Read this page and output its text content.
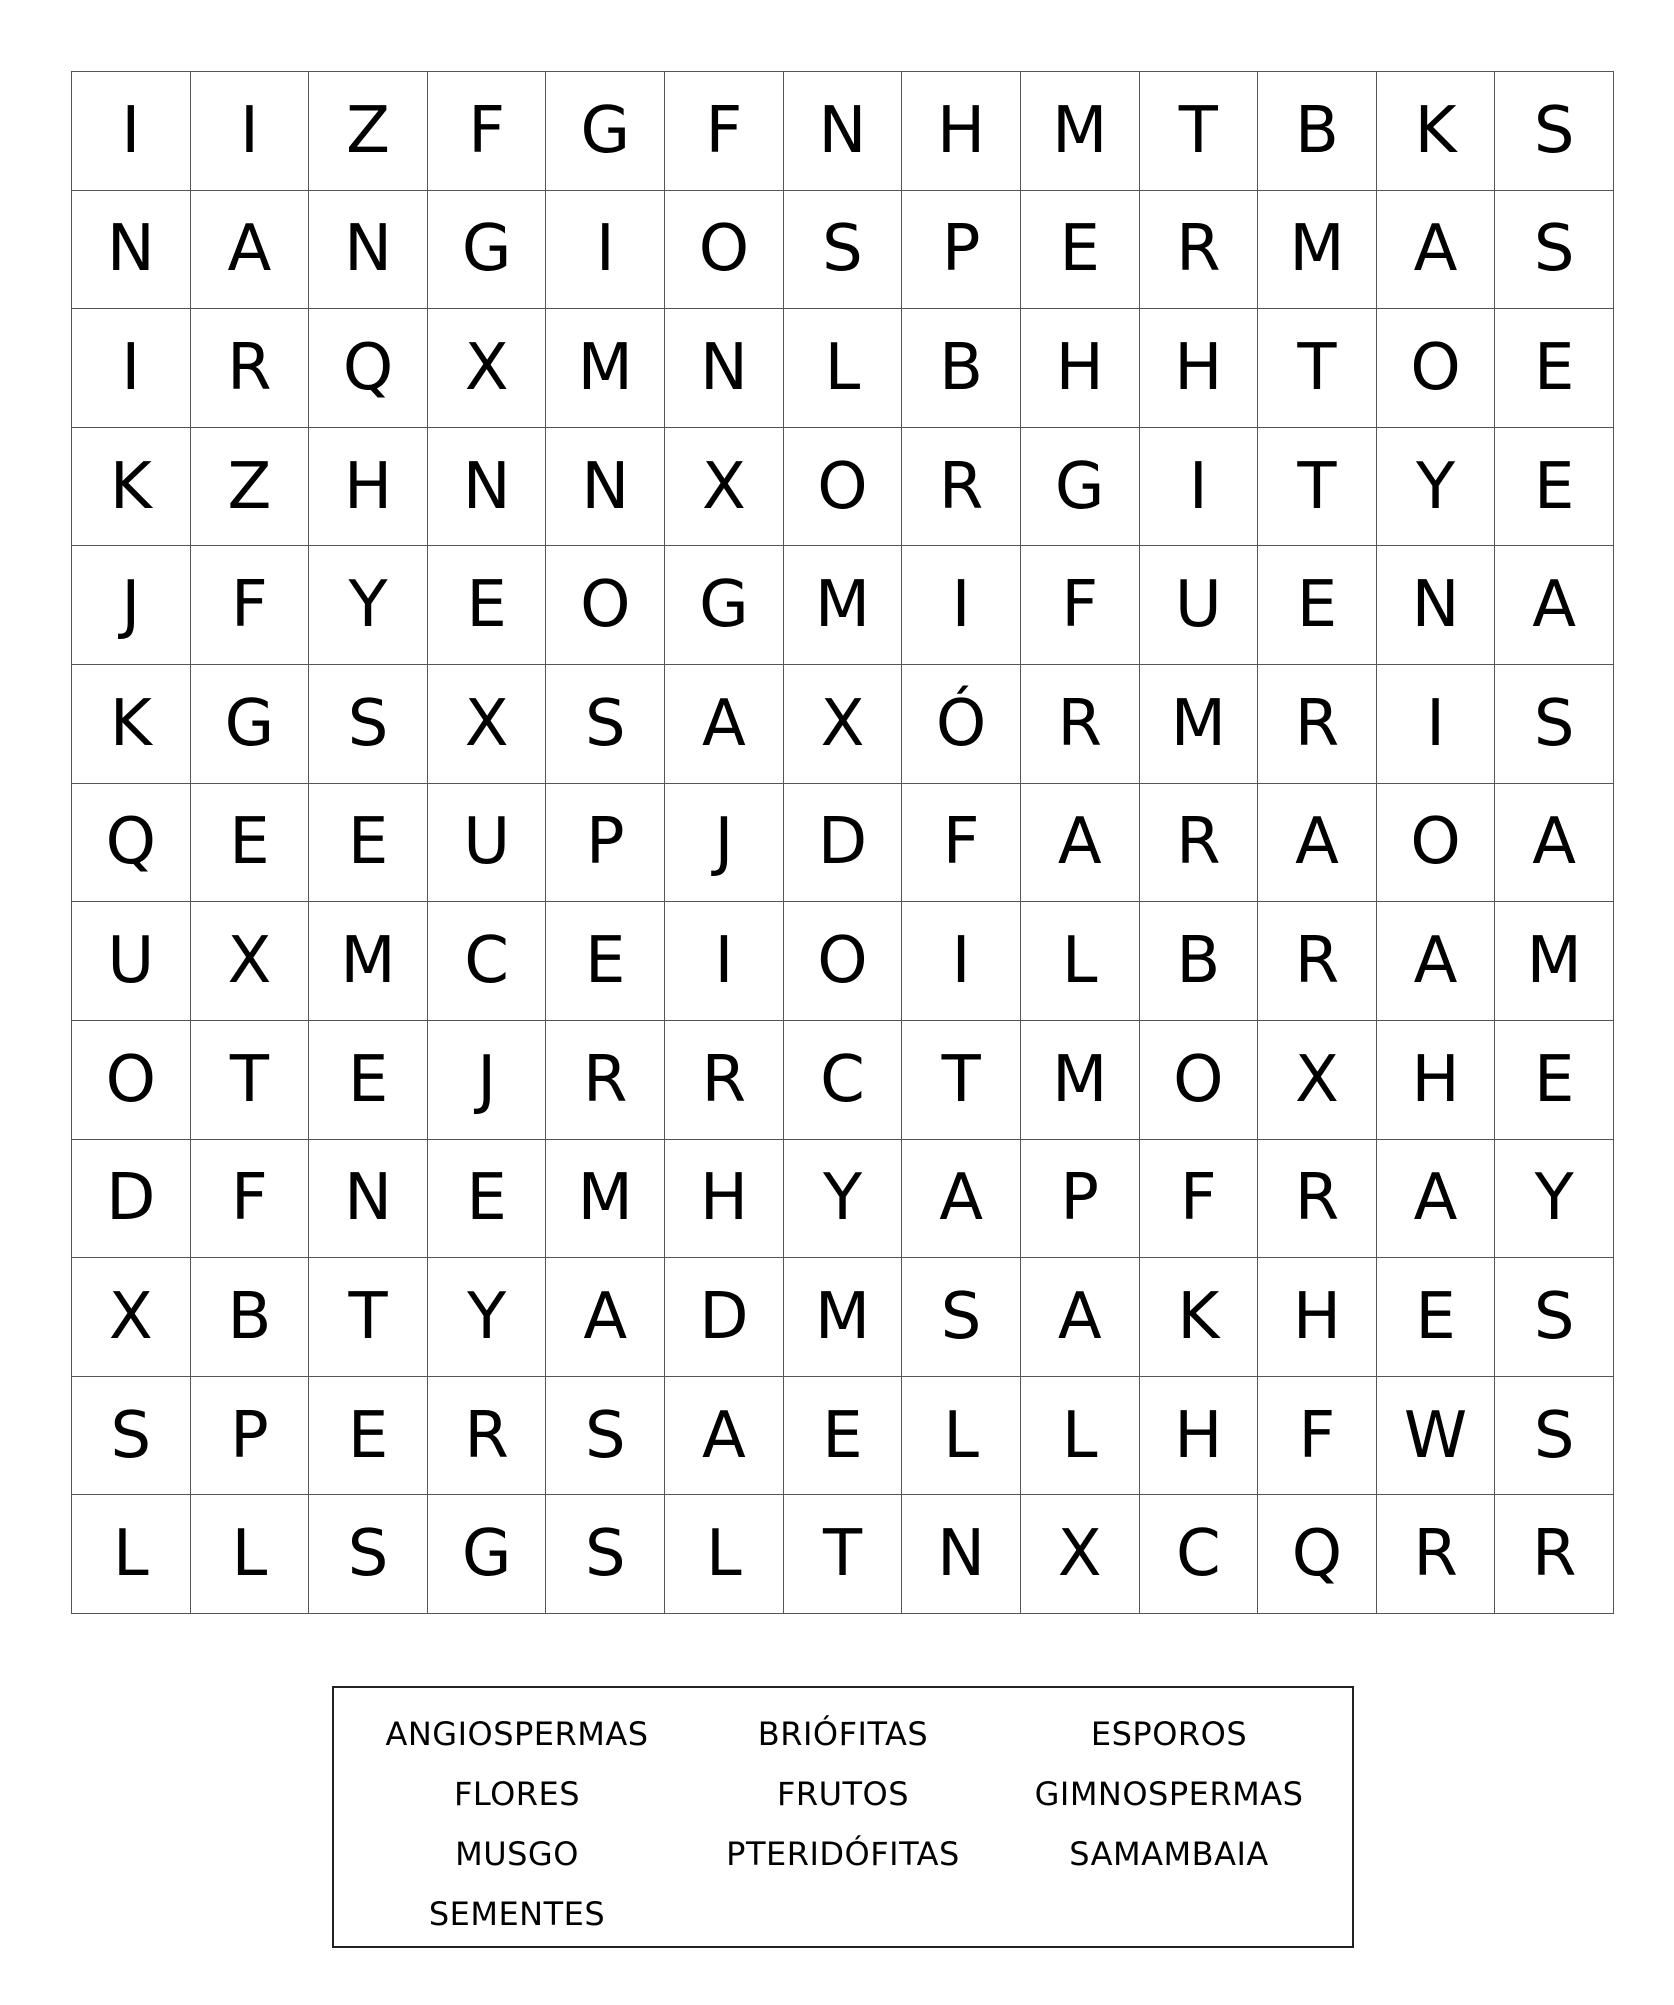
I	I	Z	F	G	F	N	H	M	T	B	K	S
N	A	N	G	I	O	S	P	E	R	M	A	S
I	R	Q	X	M	N	L	B	H	H	T	O	E
K	Z	H	N	N	X	O	R	G	I	T	Y	E
J	F	Y	E	O	G	M	I	F	U	E	N	A
K	G	S	X	S	A	X	Ó	R	M	R	I	S
Q	E	E	U	P	J	D	F	A	R	A	O	A
U	X	M	C	E	I	O	I	L	B	R	A	M
O	T	E	J	R	R	C	T	M	O	X	H	E
D	F	N	E	M	H	Y	A	P	F	R	A	Y
X	B	T	Y	A	D	M	S	A	K	H	E	S
S	P	E	R	S	A	E	L	L	H	F	W	S
L	L	S	G	S	L	T	N	X	C	Q	R	R
ANGIOSPERMAS	BRIÓFITAS	ESPOROS
FLORES	FRUTOS	GIMNOSPERMAS
MUSGO	PTERIDÓFITAS	SAMAMBAIA
SEMENTES
